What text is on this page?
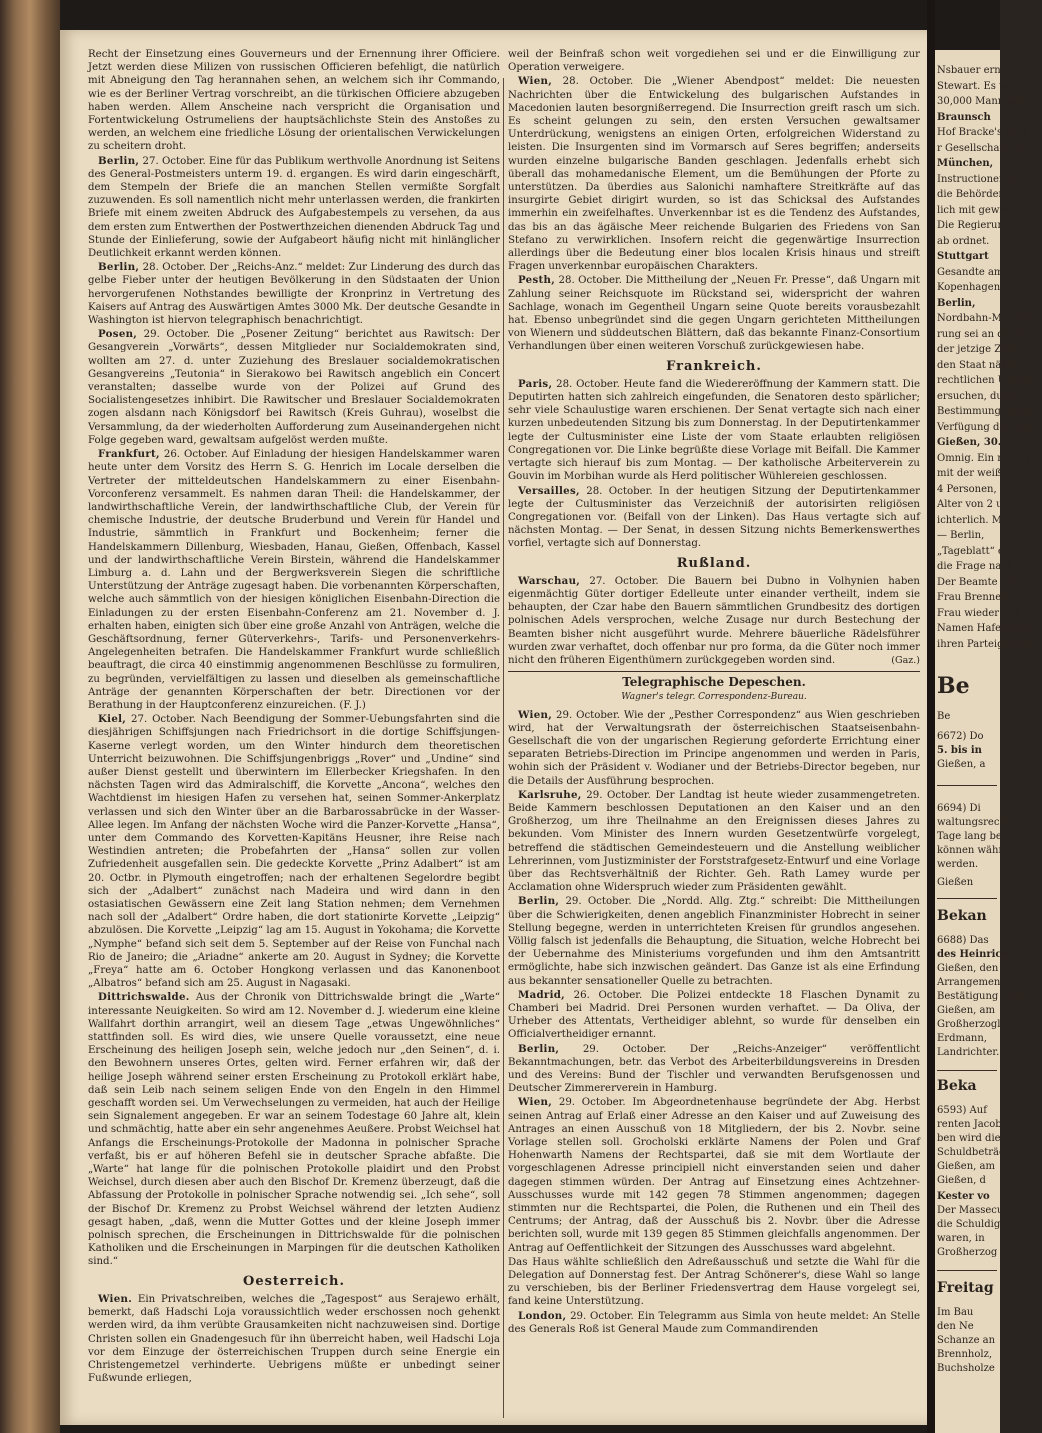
Recht der Einsetzung eines Gouverneurs und der Ernennung ihrer Officiere. Jetzt werden diese Milizen von russischen Officieren befehligt, die natürlich mit Abneigung den Tag herannahen sehen, an welchem sich ihr Commando, wie es der Berliner Vertrag vorschreibt, an die türkischen Officiere abzugeben haben werden. Allem Anscheine nach verspricht die Organisation und Fortentwickelung Ostrumeliens der hauptsächlichste Stein des Anstoßes zu werden, an welchem eine friedliche Lösung der orientalischen Verwickelungen zu scheitern droht.

Berlin, 27. October. Eine für das Publikum werthvolle Anordnung ist Seitens des General-Postmeisters unterm 19. d. ergangen. Es wird darin eingeschärft, dem Stempeln der Briefe die an manchen Stellen vermißte Sorgfalt zuzuwenden. Es soll namentlich nicht mehr unterlassen werden, die frankirten Briefe mit einem zweiten Abdruck des Aufgabestempels zu versehen, da aus dem ersten zum Entwerthen der Postwerthzeichen dienenden Abdruck Tag und Stunde der Einlieferung, sowie der Aufgabeort häufig nicht mit hinlänglicher Deutlichkeit erkannt werden können.

Berlin, 28. October. Der „Reichs-Anz.“ meldet: Zur Linderung des durch das gelbe Fieber unter der heutigen Bevölkerung in den Südstaaten der Union hervorgerufenen Nothstandes bewilligte der Kronprinz in Vertretung des Kaisers auf Antrag des Auswärtigen Amtes 3000 Mk. Der deutsche Gesandte in Washington ist hiervon telegraphisch benachrichtigt.

Posen, 29. October. Die „Posener Zeitung“ berichtet aus Rawitsch: Der Gesangverein „Vorwärts“, dessen Mitglieder nur Socialdemokraten sind, wollten am 27. d. unter Zuziehung des Breslauer socialdemokratischen Gesangvereins „Teutonia“ in Sierakowo bei Rawitsch angeblich ein Concert veranstalten; dasselbe wurde von der Polizei auf Grund des Socialistengesetzes inhibirt. Die Rawitscher und Breslauer Socialdemokraten zogen alsdann nach Königsdorf bei Rawitsch (Kreis Guhrau), woselbst die Versammlung, da der wiederholten Aufforderung zum Auseinandergehen nicht Folge gegeben ward, gewaltsam aufgelöst werden mußte.

Frankfurt, 26. October. Auf Einladung der hiesigen Handelskammer waren heute unter dem Vorsitz des Herrn S. G. Henrich im Locale derselben die Vertreter der mitteldeutschen Handelskammern zu einer Eisenbahn-Vorconferenz versammelt. Es nahmen daran Theil: die Handelskammer, der landwirthschaftliche Verein, der landwirthschaftliche Club, der Verein für chemische Industrie, der deutsche Bruderbund und Verein für Handel und Industrie, sämmtlich in Frankfurt und Bockenheim; ferner die Handelskammern Dillenburg, Wiesbaden, Hanau, Gießen, Offenbach, Kassel und der landwirthschaftliche Verein Birstein, während die Handelskammer Limburg a. d. Lahn und der Bergwerksverein Siegen die schriftliche Unterstützung der Anträge zugesagt haben. Die vorbenannten Körperschaften, welche auch sämmtlich von der hiesigen königlichen Eisenbahn-Direction die Einladungen zu der ersten Eisenbahn-Conferenz am 21. November d. J. erhalten haben, einigten sich über eine große Anzahl von Anträgen, welche die Geschäftsordnung, ferner Güterverkehrs-, Tarifs- und Personenverkehrs-Angelegenheiten betrafen. Die Handelskammer Frankfurt wurde schließlich beauftragt, die circa 40 einstimmig angenommenen Beschlüsse zu formuliren, zu begründen, vervielfältigen zu lassen und dieselben als gemeinschaftliche Anträge der genannten Körperschaften der betr. Directionen vor der Berathung in der Hauptconferenz einzureichen. (F. J.)

Kiel, 27. October. Nach Beendigung der Sommer-Uebungsfahrten sind die diesjährigen Schiffsjungen nach Friedrichsort in die dortige Schiffsjungen-Kaserne verlegt worden, um den Winter hindurch dem theoretischen Unterricht beizuwohnen. Die Schiffsjungenbriggs „Rover“ und „Undine“ sind außer Dienst gestellt und überwintern im Ellerbecker Kriegshafen. In den nächsten Tagen wird das Admiralschiff, die Korvette „Ancona“, welches den Wachtdienst im hiesigen Hafen zu versehen hat, seinen Sommer-Ankerplatz verlassen und sich den Winter über an die Barbarossabrücke in der Wasser-Allee legen. Im Anfang der nächsten Woche wird die Panzer-Korvette „Hansa“, unter dem Commando des Korvetten-Kapitäns Heusner, ihre Reise nach Westindien antreten; die Probefahrten der „Hansa“ sollen zur vollen Zufriedenheit ausgefallen sein. Die gedeckte Korvette „Prinz Adalbert“ ist am 20. Octbr. in Plymouth eingetroffen; nach der erhaltenen Segelordre begibt sich der „Adalbert“ zunächst nach Madeira und wird dann in den ostasiatischen Gewässern eine Zeit lang Station nehmen; dem Vernehmen nach soll der „Adalbert“ Ordre haben, die dort stationirte Korvette „Leipzig“ abzulösen. Die Korvette „Leipzig“ lag am 15. August in Yokohama; die Korvette „Nymphe“ befand sich seit dem 5. September auf der Reise von Funchal nach Rio de Janeiro; die „Ariadne“ ankerte am 20. August in Sydney; die Korvette „Freya“ hatte am 6. October Hongkong verlassen und das Kanonenboot „Albatros“ befand sich am 25. August in Nagasaki.

Dittrichswalde. Aus der Chronik von Dittrichswalde bringt die „Warte“ interessante Neuigkeiten. So wird am 12. November d. J. wiederum eine kleine Wallfahrt dorthin arrangirt, weil an diesem Tage „etwas Ungewöhnliches“ stattfinden soll. Es wird dies, wie unsere Quelle voraussetzt, eine neue Erscheinung des heiligen Joseph sein, welche jedoch nur „den Seinen“, d. i. den Bewohnern unseres Ortes, gelten wird. Ferner erfahren wir, daß der heilige Joseph während seiner ersten Erscheinung zu Protokoll erklärt habe, daß sein Leib nach seinem seligen Ende von den Engeln in den Himmel geschafft worden sei. Um Verwechselungen zu vermeiden, hat auch der Heilige sein Signalement angegeben. Er war an seinem Todestage 60 Jahre alt, klein und schmächtig, hatte aber ein sehr angenehmes Aeußere. Probst Weichsel hat Anfangs die Erscheinungs-Protokolle der Madonna in polnischer Sprache verfaßt, bis er auf höheren Befehl sie in deutscher Sprache abfaßte. Die „Warte“ hat lange für die polnischen Protokolle plaidirt und den Probst Weichsel, durch diesen aber auch den Bischof Dr. Kremenz überzeugt, daß die Abfassung der Protokolle in polnischer Sprache notwendig sei. „Ich sehe“, soll der Bischof Dr. Kremenz zu Probst Weichsel während der letzten Audienz gesagt haben, „daß, wenn die Mutter Gottes und der kleine Joseph immer polnisch sprechen, die Erscheinungen in Dittrichswalde für die polnischen Katholiken und die Erscheinungen in Marpingen für die deutschen Katholiken sind.“

Oesterreich.

Wien. Ein Privatschreiben, welches die „Tagespost“ aus Serajewo erhält, bemerkt, daß Hadschi Loja voraussichtlich weder erschossen noch gehenkt werden wird, da ihm verübte Grausamkeiten nicht nachzuweisen sind. Dortige Christen sollen ein Gnadengesuch für ihn überreicht haben, weil Hadschi Loja vor dem Einzuge der österreichischen Truppen durch seine Energie ein Christengemetzel verhinderte. Uebrigens müßte er unbedingt seiner Fußwunde erliegen,

weil der Beinfraß schon weit vorgediehen sei und er die Einwilligung zur Operation verweigere.

Wien, 28. October. Die „Wiener Abendpost“ meldet: Die neuesten Nachrichten über die Entwickelung des bulgarischen Aufstandes in Macedonien lauten besorgnißerregend. Die Insurrection greift rasch um sich. Es scheint gelungen zu sein, den ersten Versuchen gewaltsamer Unterdrückung, wenigstens an einigen Orten, erfolgreichen Widerstand zu leisten. Die Insurgenten sind im Vormarsch auf Seres begriffen; anderseits wurden einzelne bulgarische Banden geschlagen. Jedenfalls erhebt sich überall das mohamedanische Element, um die Bemühungen der Pforte zu unterstützen. Da überdies aus Salonichi namhaftere Streitkräfte auf das insurgirte Gebiet dirigirt wurden, so ist das Schicksal des Aufstandes immerhin ein zweifelhaftes. Unverkennbar ist es die Tendenz des Aufstandes, das bis an das ägäische Meer reichende Bulgarien des Friedens von San Stefano zu verwirklichen. Insofern reicht die gegenwärtige Insurrection allerdings über die Bedeutung einer blos localen Krisis hinaus und streift Fragen unverkennbar europäischen Charakters.

Pesth, 28. October. Die Mittheilung der „Neuen Fr. Presse“, daß Ungarn mit Zahlung seiner Reichsquote im Rückstand sei, widerspricht der wahren Sachlage, wonach im Gegentheil Ungarn seine Quote bereits vorausbezahlt hat. Ebenso unbegründet sind die gegen Ungarn gerichteten Mittheilungen von Wienern und süddeutschen Blättern, daß das bekannte Finanz-Consortium Verhandlungen über einen weiteren Vorschuß zurückgewiesen habe.

Frankreich.

Paris, 28. October. Heute fand die Wiedereröffnung der Kammern statt. Die Deputirten hatten sich zahlreich eingefunden, die Senatoren desto spärlicher; sehr viele Schaulustige waren erschienen. Der Senat vertagte sich nach einer kurzen unbedeutenden Sitzung bis zum Donnerstag. In der Deputirtenkammer legte der Cultusminister eine Liste der vom Staate erlaubten religiösen Congregationen vor. Die Linke begrüßte diese Vorlage mit Beifall. Die Kammer vertagte sich hierauf bis zum Montag. — Der katholische Arbeiterverein zu Gouvin im Morbihan wurde als Herd politischer Wühlereien geschlossen.

Versailles, 28. October. In der heutigen Sitzung der Deputirtenkammer legte der Cultusminister das Verzeichniß der autorisirten religiösen Congregationen vor. (Beifall von der Linken). Das Haus vertagte sich auf nächsten Montag. — Der Senat, in dessen Sitzung nichts Bemerkenswerthes vorfiel, vertagte sich auf Donnerstag.

Rußland.

Warschau, 27. October. Die Bauern bei Dubno in Volhynien haben eigenmächtig Güter dortiger Edelleute unter einander vertheilt, indem sie behaupten, der Czar habe den Bauern sämmtlichen Grundbesitz des dortigen polnischen Adels versprochen, welche Zusage nur durch Bestechung der Beamten bisher nicht ausgeführt wurde. Mehrere bäuerliche Rädelsführer wurden zwar verhaftet, doch offenbar nur pro forma, da die Güter noch immer nicht den früheren Eigenthümern zurückgegeben worden sind.	(Gaz.)

Telegraphische Depeschen.
Wagner's telegr. Correspondenz-Bureau.

Wien, 29. October. Wie der „Pesther Correspondenz“ aus Wien geschrieben wird, hat der Verwaltungsrath der österreichischen Staatseisenbahn-Gesellschaft die von der ungarischen Regierung geforderte Errichtung einer separaten Betriebs-Direction im Principe angenommen und werden in Paris, wohin sich der Präsident v. Wodianer und der Betriebs-Director begeben, nur die Details der Ausführung besprochen.

Karlsruhe, 29. October. Der Landtag ist heute wieder zusammengetreten. Beide Kammern beschlossen Deputationen an den Kaiser und an den Großherzog, um ihre Theilnahme an den Ereignissen dieses Jahres zu bekunden. Vom Minister des Innern wurden Gesetzentwürfe vorgelegt, betreffend die städtischen Gemeindesteuern und die Anstellung weiblicher Lehrerinnen, vom Justizminister der Forststrafgesetz-Entwurf und eine Vorlage über das Rechtsverhältniß der Richter. Geh. Rath Lamey wurde per Acclamation ohne Widerspruch wieder zum Präsidenten gewählt.

Berlin, 29. October. Die „Nordd. Allg. Ztg.“ schreibt: Die Mittheilungen über die Schwierigkeiten, denen angeblich Finanzminister Hobrecht in seiner Stellung begegne, werden in unterrichteten Kreisen für grundlos angesehen. Völlig falsch ist jedenfalls die Behauptung, die Situation, welche Hobrecht bei der Uebernahme des Ministeriums vorgefunden und ihm den Amtsantritt ermöglichte, habe sich inzwischen geändert. Das Ganze ist als eine Erfindung aus bekannter sensationeller Quelle zu betrachten.

Madrid, 26. October. Die Polizei entdeckte 18 Flaschen Dynamit zu Chamberi bei Madrid. Drei Personen wurden verhaftet. — Da Oliva, der Urheber des Attentats, Vertheidiger ablehnt, so wurde für denselben ein Officialvertheidiger ernannt.

Berlin, 29. October. Der „Reichs-Anzeiger“ veröffentlicht Bekanntmachungen, betr. das Verbot des Arbeiterbildungsvereins in Dresden und des Vereins: Bund der Tischler und verwandten Berufsgenossen und Deutscher Zimmererverein in Hamburg.

Wien, 29. October. Im Abgeordnetenhause begründete der Abg. Herbst seinen Antrag auf Erlaß einer Adresse an den Kaiser und auf Zuweisung des Antrages an einen Ausschuß von 18 Mitgliedern, der bis 2. Novbr. seine Vorlage stellen soll. Grocholski erklärte Namens der Polen und Graf Hohenwarth Namens der Rechtspartei, daß sie mit dem Wortlaute der vorgeschlagenen Adresse principiell nicht einverstanden seien und daher dagegen stimmen würden. Der Antrag auf Einsetzung eines Achtzehner-Ausschusses wurde mit 142 gegen 78 Stimmen angenommen; dagegen stimmten nur die Rechtspartei, die Polen, die Ruthenen und ein Theil des Centrums; der Antrag, daß der Ausschuß bis 2. Novbr. über die Adresse berichten soll, wurde mit 139 gegen 85 Stimmen gleichfalls angenommen. Der Antrag auf Oeffentlichkeit der Sitzungen des Ausschusses ward abgelehnt.

Das Haus wählte schließlich den Adreßausschuß und setzte die Wahl für die Delegation auf Donnerstag fest. Der Antrag Schönerer's, diese Wahl so lange zu verschieben, bis der Berliner Friedensvertrag dem Hause vorgelegt sei, fand keine Unterstützung.

London, 29. October. Ein Telegramm aus Simla von heute meldet: An Stelle des Generals Roß ist General Maude zum Commandirenden

Nsbauer ernannt
Stewart. Es wird
30,000 Mann erfo
Braunsch
Hof Bracke's Prof
r Gesellschaft und
München,
Instructionen an
die Behörden bezü
lich mit gewissenh
Die Regierung
ab ordnet.
Stuttgart
Gesandte am hies
Kopenhagen befugni
Berlin,
Nordbahn-Magdebu
rung sei an die B
der jetzige Zeit
den Staat näher
rechtlichen Unters
ersuchen, durch d
Bestimmung gegeb
Verfügung der Bahn
Gießen, 30.
Omnig. Ein richtig
mit der weißen Obe
4 Personen, nämlich
Alter von 2 und 3
ichterlich. Mangel
— Berlin,
„Tageblatt“ erzähl
die Frage nach den
Der Beamte nahm
Frau Brennerei
Frau wieder und
Namen Hafenarbeit
ihren Parteigenoss
Be
Be
6672) Do
5. bis in
Gießen, a
6694) Di
waltungsrechens
Tage lang bei
können während
werden.
Gießen
Bekan
6688) Das
des Heinrich
Gießen, den
Arrangement
Bestätigung erhal
Gießen, am
Großherzoglich
Erdmann,
Landrichter.
Beka
6593) Auf
renten Jacob
ben wird die
Schuldbeträge
Gießen, am
Gießen, d
Kester vo
Der Massecur
die Schuldige
waren, in
Großherzog
Freitag
Im Bau
den Ne
Schanze an
Brennholz,
Buchsholze
